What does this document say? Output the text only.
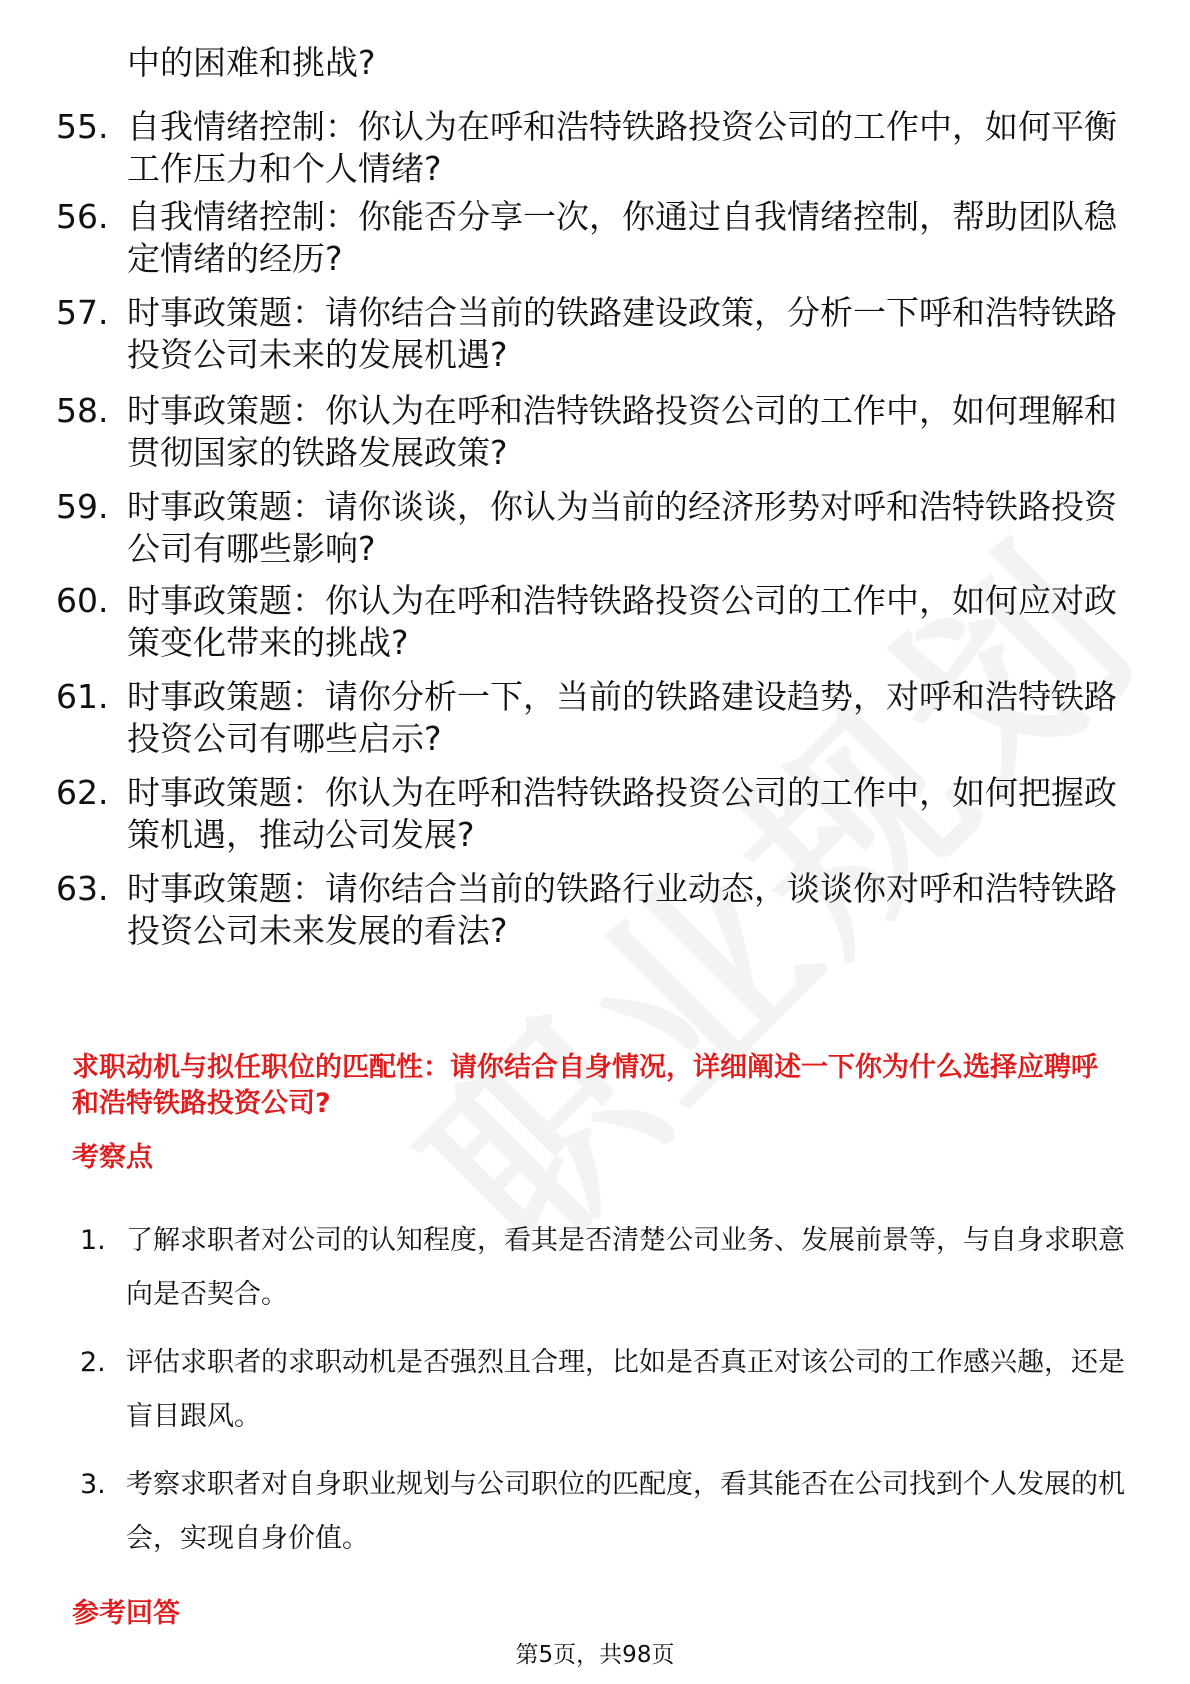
中的困难和挑战?
55. 自我情绪控制：你认为在呼和浩特铁路投资公司的工作中，如何平衡工作压力和个人情绪?
56. 自我情绪控制：你能否分享一次，你通过自我情绪控制，帮助团队稳定情绪的经历?
57. 时事政策题：请你结合当前的铁路建设政策，分析一下呼和浩特铁路投资公司未来的发展机遇?
58. 时事政策题：你认为在呼和浩特铁路投资公司的工作中，如何理解和贯彻国家的铁路发展政策?
59. 时事政策题：请你谈谈，你认为当前的经济形势对呼和浩特铁路投资公司有哪些影响?
60. 时事政策题：你认为在呼和浩特铁路投资公司的工作中，如何应对政策变化带来的挑战?
61. 时事政策题：请你分析一下，当前的铁路建设趋势，对呼和浩特铁路投资公司有哪些启示?
62. 时事政策题：你认为在呼和浩特铁路投资公司的工作中，如何把握政策机遇，推动公司发展?
63. 时事政策题：请你结合当前的铁路行业动态，谈谈你对呼和浩特铁路投资公司未来发展的看法?
求职动机与拟任职位的匹配性：请你结合自身情况，详细阐述一下你为什么选择应聘呼和浩特铁路投资公司?
考察点
1. 了解求职者对公司的认知程度，看其是否清楚公司业务、发展前景等，与自身求职意向是否契合。
2. 评估求职者的求职动机是否强烈且合理，比如是否真正对该公司的工作感兴趣，还是盲目跟风。
3. 考察求职者对自身职业规划与公司职位的匹配度，看其能否在公司找到个人发展的机会，实现自身价值。
参考回答
第5页，共98页
